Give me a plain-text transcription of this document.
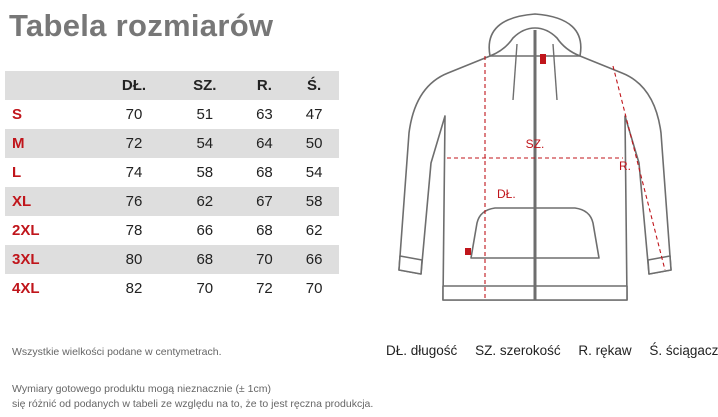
Tabela rozmiarów
	DŁ.	SZ.	R.	Ś.
S	70	51	63	47
M	72	54	64	50
L	74	58	68	54
XL	76	62	67	58
2XL	78	66	68	62
3XL	80	68	70	66
4XL	82	70	72	70
Wszystkie wielkości podane w centymetrach.
Wymiary gotowego produktu mogą nieznacznie (± 1cm)
się różnić od podanych w tabeli ze względu na to, że to jest ręczna produkcja.
SZ.
DŁ.
R.
DŁ. długość SZ. szerokość R. rękaw Ś. ściągacz
